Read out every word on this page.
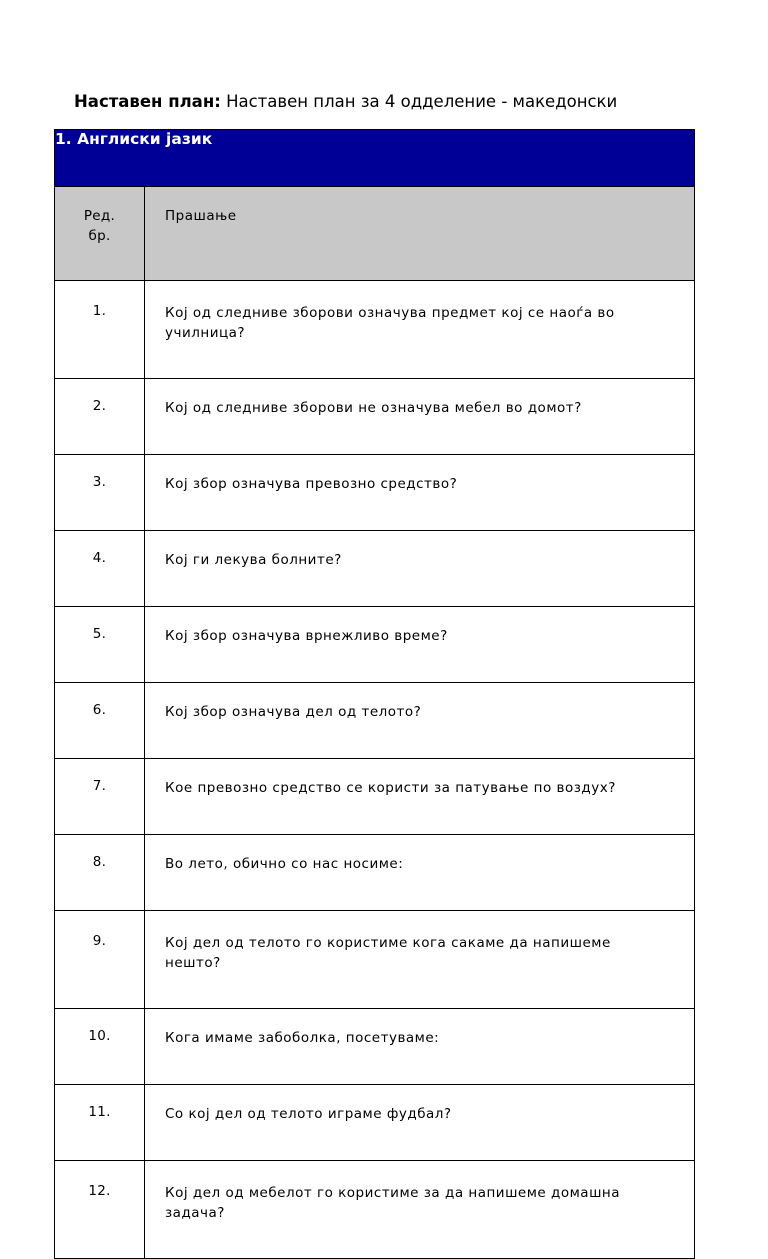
Наставен план: Наставен план за 4 одделение - македонски
1. Англиски јазик	
Ред.
бр.	Прашање
1.	Кој од следниве зборови означува предмет кој се наоѓа во училница?
2.	Кој од следниве зборови не означува мебел во домот?
3.	Кој збор означува превозно средство?
4.	Кој ги лекува болните?
5.	Кој збор означува врнежливо време?
6.	Кој збор означува дел од телото?
7.	Кое превозно средство се користи за патување по воздух?
8.	Во лето, обично со нас носиме:
9.	Кој дел од телото го користиме кога сакаме да напишеме нешто?
10.	Кога имаме забоболка, посетуваме:
11.	Со кој дел од телото играме фудбал?
12.	Кој дел од мебелот го користиме за да напишеме домашна задача?
